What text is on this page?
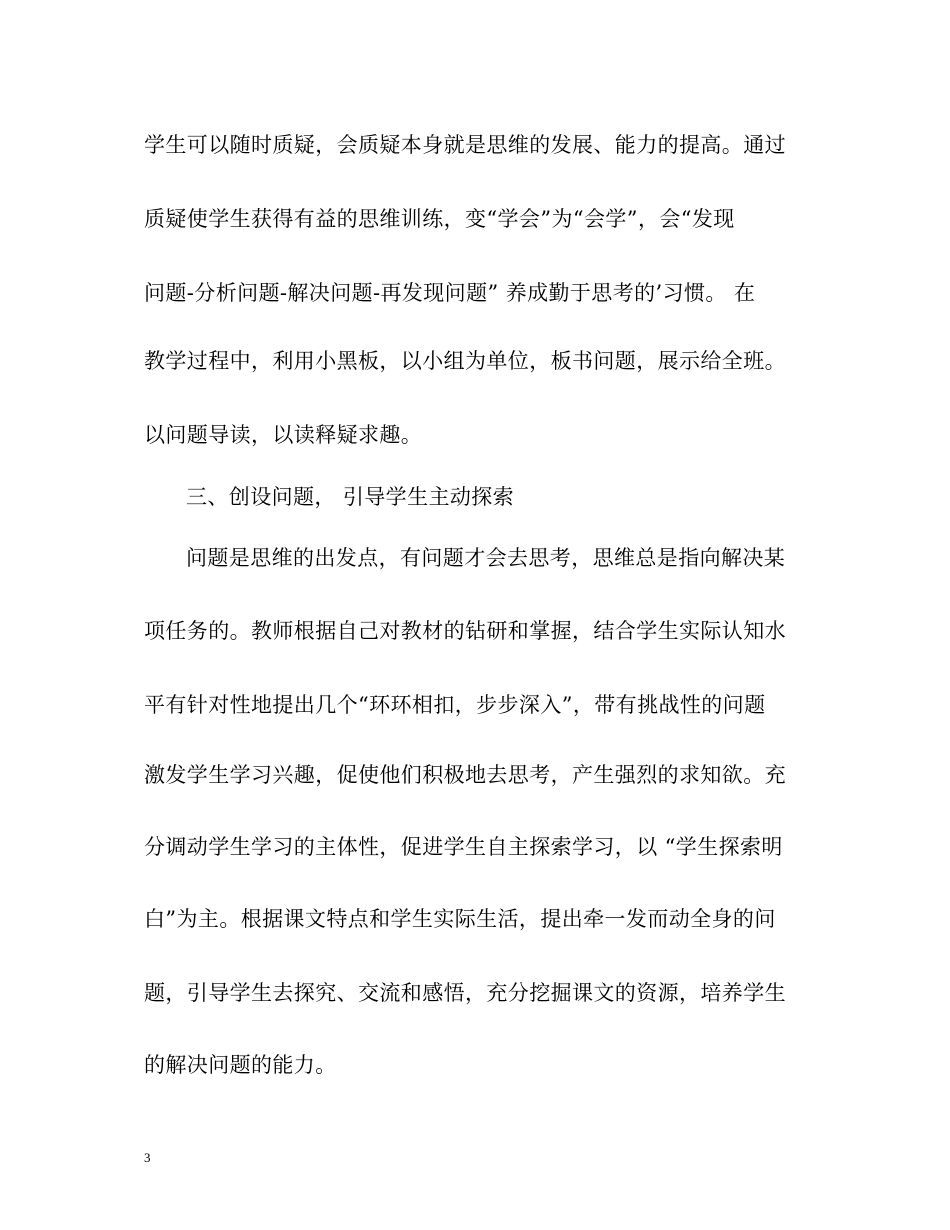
学生可以随时质疑，会质疑本身就是思维的发展、能力的提高。通过
质疑使学生获得有益的思维训练，变“学会”为“会学”，会“发现
问题-分析问题-解决问题-再发现问题” 养成勤于思考的’习惯。 在
教学过程中，利用小黑板，以小组为单位，板书问题，展示给全班。
以问题导读，以读释疑求趣。
三、创设问题， 引导学生主动探索
问题是思维的出发点，有问题才会去思考，思维总是指向解决某
项任务的。教师根据自己对教材的钻研和掌握，结合学生实际认知水
平有针对性地提出几个“环环相扣，步步深入”，带有挑战性的问题
激发学生学习兴趣，促使他们积极地去思考，产生强烈的求知欲。充
分调动学生学习的主体性，促进学生自主探索学习，以 “学生探索明
白”为主。根据课文特点和学生实际生活，提出牵一发而动全身的问
题，引导学生去探究、交流和感悟，充分挖掘课文的资源，培养学生
的解决问题的能力。
3
